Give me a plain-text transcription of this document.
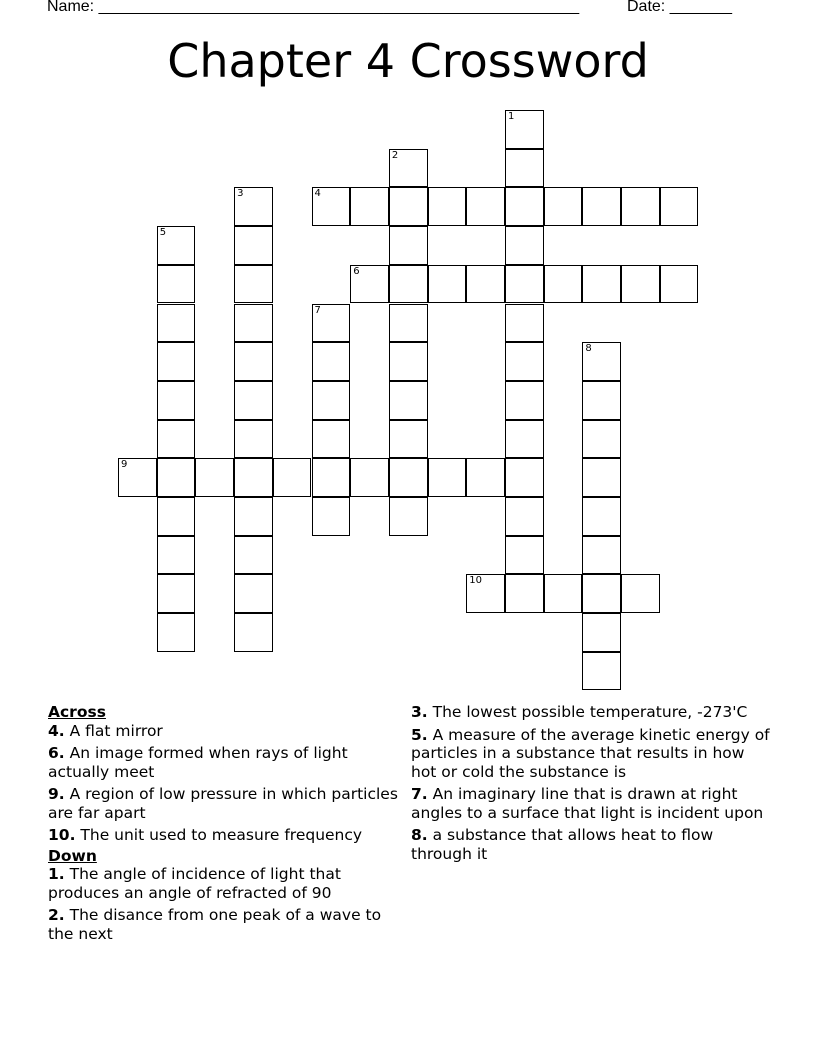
Name: ______________________________________________________	Date: _______
Chapter 4 Crossword
1
2
3	4
5
6
7
8
9
10
Across
4. A flat mirror
6. An image formed when rays of light actually meet
9. A region of low pressure in which particles are far apart
10. The unit used to measure frequency
Down
1. The angle of incidence of light that produces an angle of refracted of 90
2. The disance from one peak of a wave to the next
3. The lowest possible temperature, -273'C
5. A measure of the average kinetic energy of particles in a substance that results in how hot or cold the substance is
7. An imaginary line that is drawn at right angles to a surface that light is incident upon
8. a substance that allows heat to flow through it
